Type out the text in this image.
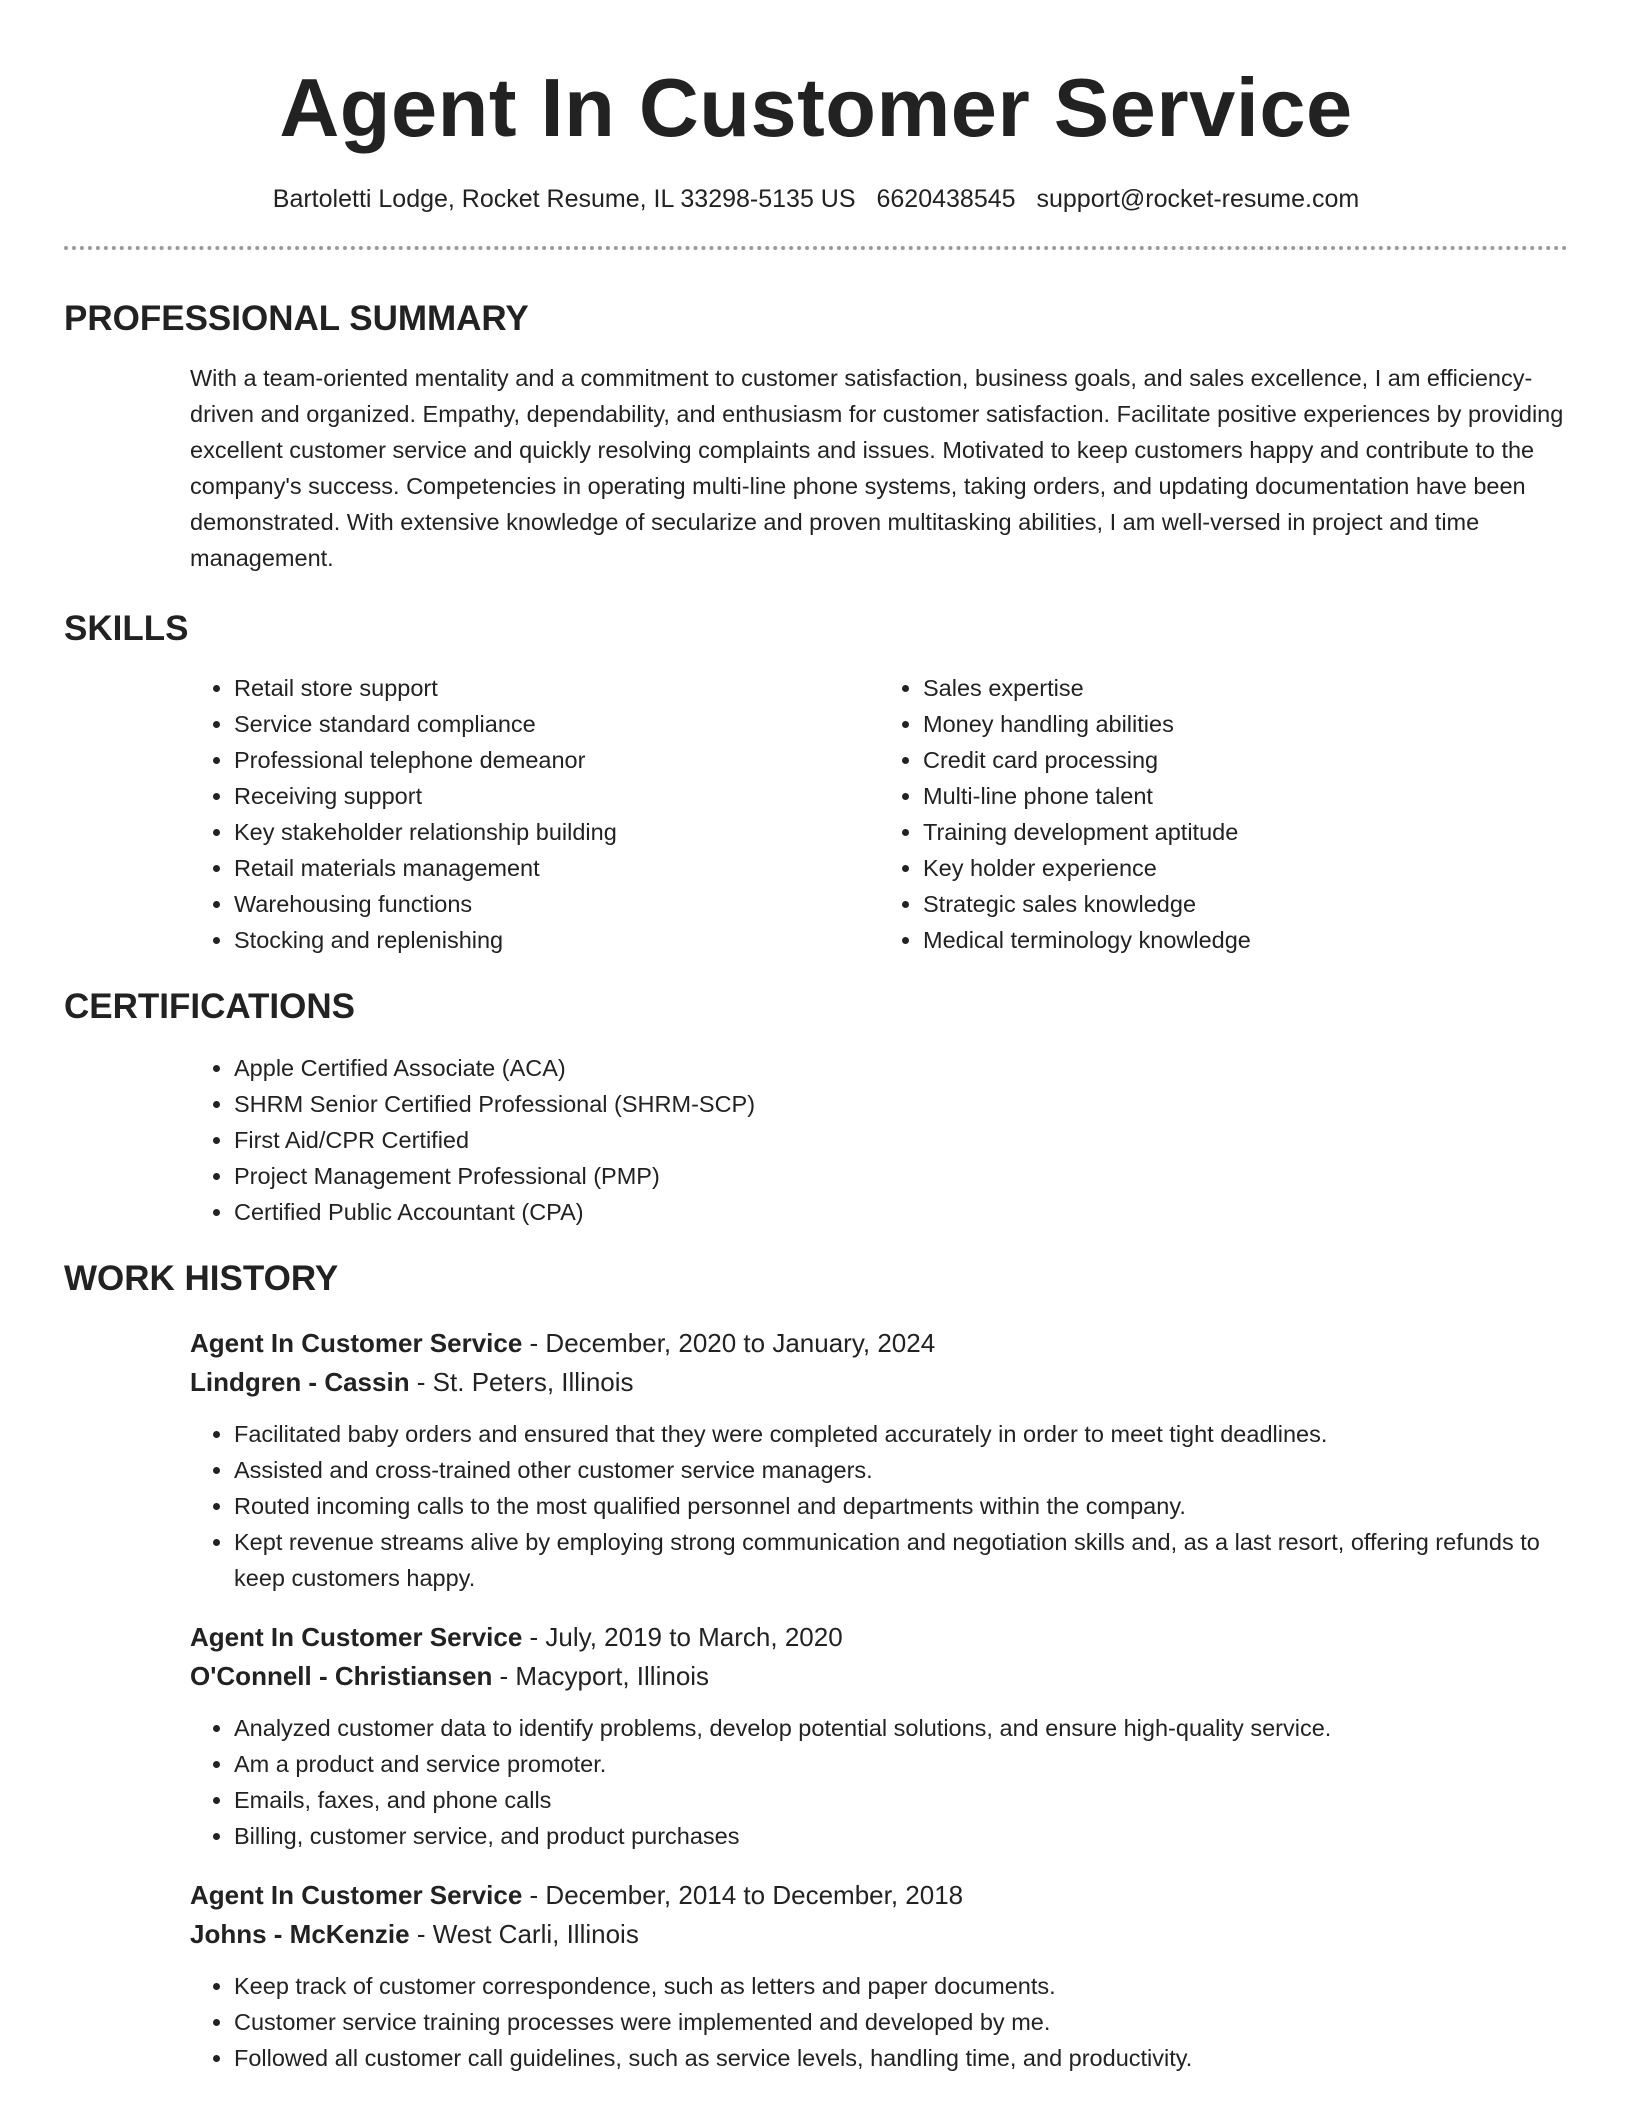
Agent In Customer Service
Bartoletti Lodge, Rocket Resume, IL 33298-5135 US 6620438545 support@rocket-resume.com
PROFESSIONAL SUMMARY

With a team-oriented mentality and a commitment to customer satisfaction, business goals, and sales excellence, I am efficiency-driven and organized. Empathy, dependability, and enthusiasm for customer satisfaction. Facilitate positive experiences by providing excellent customer service and quickly resolving complaints and issues. Motivated to keep customers happy and contribute to the company's success. Competencies in operating multi-line phone systems, taking orders, and updating documentation have been demonstrated. With extensive knowledge of secularize and proven multitasking abilities, I am well-versed in project and time management.

SKILLS
• Retail store support
• Service standard compliance
• Professional telephone demeanor
• Receiving support
• Key stakeholder relationship building
• Retail materials management
• Warehousing functions
• Stocking and replenishing
• Sales expertise
• Money handling abilities
• Credit card processing
• Multi-line phone talent
• Training development aptitude
• Key holder experience
• Strategic sales knowledge
• Medical terminology knowledge
CERTIFICATIONS
• Apple Certified Associate (ACA)
• SHRM Senior Certified Professional (SHRM-SCP)
• First Aid/CPR Certified
• Project Management Professional (PMP)
• Certified Public Accountant (CPA)
WORK HISTORY
Agent In Customer Service - December, 2020 to January, 2024
Lindgren - Cassin - St. Peters, Illinois
• Facilitated baby orders and ensured that they were completed accurately in order to meet tight deadlines.
• Assisted and cross-trained other customer service managers.
• Routed incoming calls to the most qualified personnel and departments within the company.
• Kept revenue streams alive by employing strong communication and negotiation skills and, as a last resort, offering refunds to keep customers happy.
Agent In Customer Service - July, 2019 to March, 2020
O'Connell - Christiansen - Macyport, Illinois
• Analyzed customer data to identify problems, develop potential solutions, and ensure high-quality service.
• Am a product and service promoter.
• Emails, faxes, and phone calls
• Billing, customer service, and product purchases
Agent In Customer Service - December, 2014 to December, 2018
Johns - McKenzie - West Carli, Illinois
• Keep track of customer correspondence, such as letters and paper documents.
• Customer service training processes were implemented and developed by me.
• Followed all customer call guidelines, such as service levels, handling time, and productivity.
